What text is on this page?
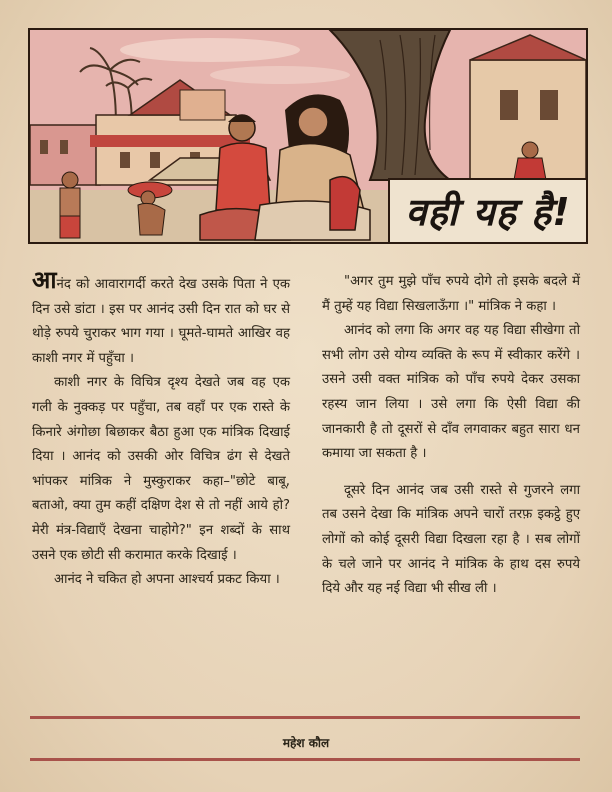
वही यह है!

आनंद को आवारागर्दी करते देख उसके पिता ने एक दिन उसे डांटा । इस पर आनंद उसी दिन रात को घर से थोड़े रुपये चुराकर भाग गया । घूमते-घामते आखिर वह काशी नगर में पहुँचा ।

काशी नगर के विचित्र दृश्य देखते जब वह एक गली के नुक्कड़ पर पहुँचा, तब वहाँ पर एक रास्ते के किनारे अंगोछा बिछाकर बैठा हुआ एक मांत्रिक दिखाई दिया । आनंद को उसकी ओर विचित्र ढंग से देखते भांपकर मांत्रिक ने मुस्कुराकर कहा–"छोटे बाबू, बताओ, क्या तुम कहीं दक्षिण देश से तो नहीं आये हो? मेरी मंत्र-विद्याएँ देखना चाहोगे?" इन शब्दों के साथ उसने एक छोटी सी करामात करके दिखाई ।

आनंद ने चकित हो अपना आश्चर्य प्रकट किया ।

"अगर तुम मुझे पाँच रुपये दोगे तो इसके बदले में मैं तुम्हें यह विद्या सिखलाऊँगा ।" मांत्रिक ने कहा ।

आनंद को लगा कि अगर वह यह विद्या सीखेगा तो सभी लोग उसे योग्य व्यक्ति के रूप में स्वीकार करेंगे । उसने उसी वक्त मांत्रिक को पाँच रुपये देकर उसका रहस्य जान लिया । उसे लगा कि ऐसी विद्या की जानकारी है तो दूसरों से दाँव लगवाकर बहुत सारा धन कमाया जा सकता है ।

दूसरे दिन आनंद जब उसी रास्ते से गुजरने लगा तब उसने देखा कि मांत्रिक अपने चारों तरफ़ इकट्ठे हुए लोगों को कोई दूसरी विद्या दिखला रहा है । सब लोगों के चले जाने पर आनंद ने मांत्रिक के हाथ दस रुपये दिये और यह नई विद्या भी सीख ली ।

महेश कौल
